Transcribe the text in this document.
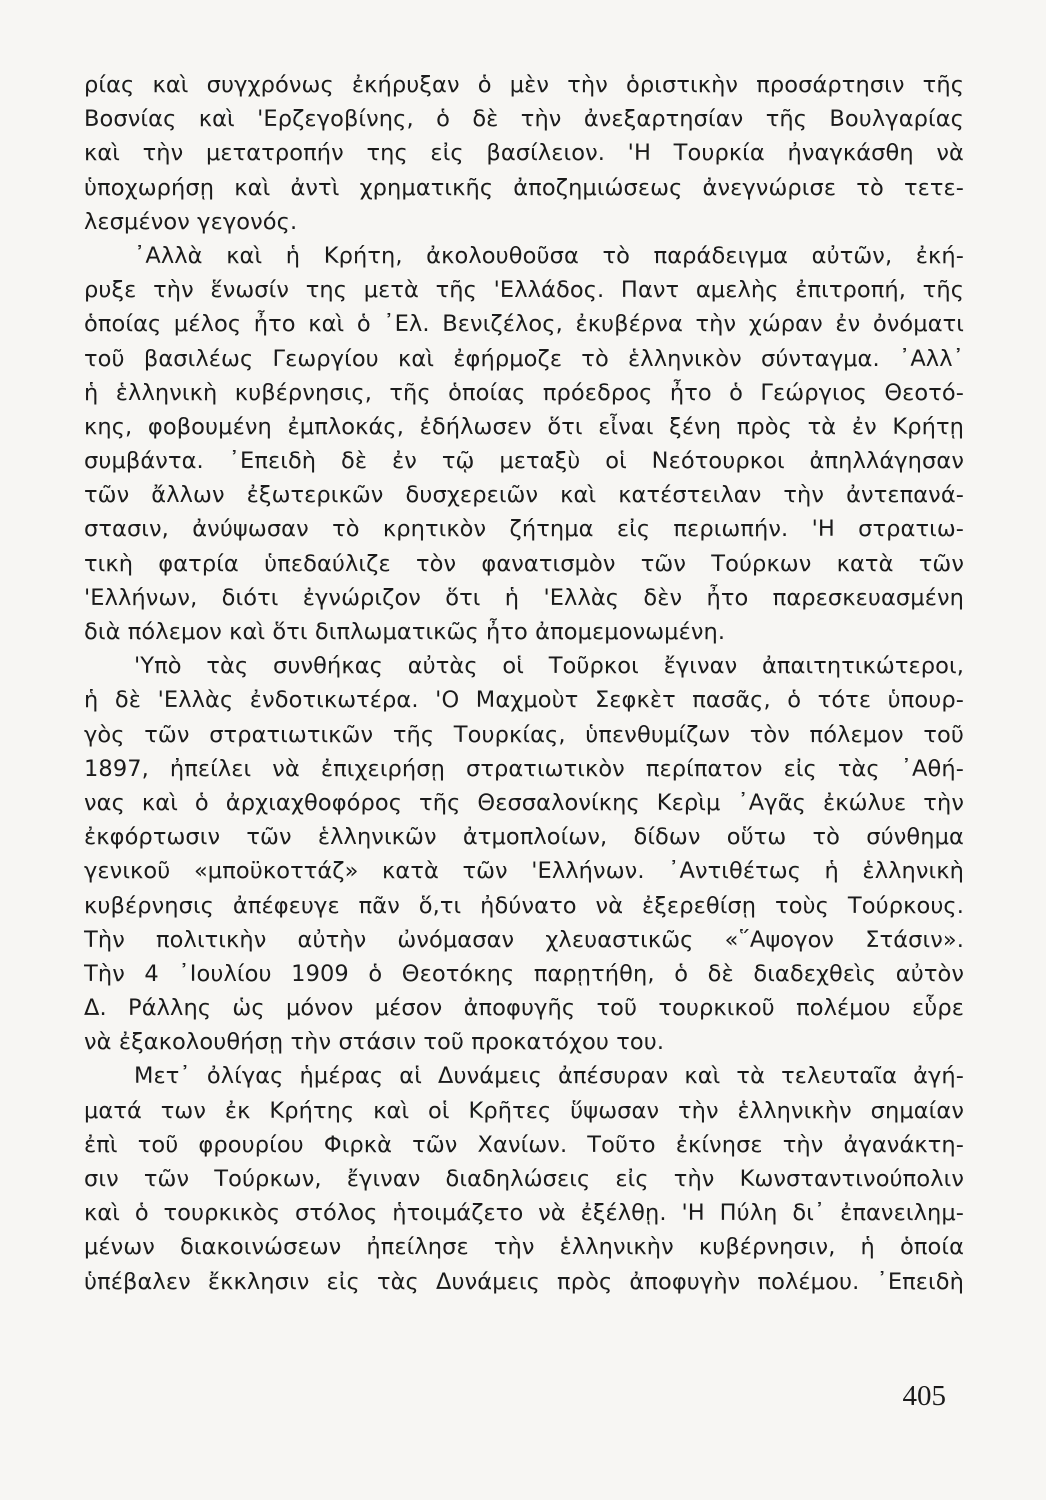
ρίας καὶ συγχρόνως ἐκήρυξαν ὁ μὲν τὴν ὁριστικὴν προσάρτησιν τῆς
Βοσνίας καὶ 'Ερζεγοβίνης, ὁ δὲ τὴν ἀνεξαρτησίαν τῆς Βουλγαρίας
καὶ τὴν μετατροπήν της εἰς βασίλειον. 'Η Τουρκία ἠναγκάσθη νὰ
ὑποχωρήσῃ καὶ ἀντὶ χρηματικῆς ἀποζημιώσεως ἀνεγνώρισε τὸ τετε-
λεσμένον γεγονός.
᾿Αλλὰ καὶ ἡ Κρήτη, ἀκολουθοῦσα τὸ παράδειγμα αὐτῶν, ἐκή-
ρυξε τὴν ἕνωσίν της μετὰ τῆς 'Ελλάδος. Παντ αμελὴς ἐπιτροπή, τῆς
ὁποίας μέλος ἦτο καὶ ὁ ᾿Ελ. Βενιζέλος, ἐκυβέρνα τὴν χώραν ἐν ὀνόματι
τοῦ βασιλέως Γεωργίου καὶ ἐφήρμοζε τὸ ἑλληνικὸν σύνταγμα. ᾿Αλλ᾿
ἡ ἑλληνικὴ κυβέρνησις, τῆς ὁποίας πρόεδρος ἦτο ὁ Γεώργιος Θεοτό-
κης, φοβουμένη ἐμπλοκάς, ἐδήλωσεν ὅτι εἶναι ξένη πρὸς τὰ ἐν Κρήτῃ
συμβάντα. ᾿Επειδὴ δὲ ἐν τῷ μεταξὺ οἱ Νεότουρκοι ἀπηλλάγησαν
τῶν ἄλλων ἐξωτερικῶν δυσχερειῶν καὶ κατέστειλαν τὴν ἀντεπανά-
στασιν, ἀνύψωσαν τὸ κρητικὸν ζήτημα εἰς περιωπήν. 'Η στρατιω-
τικὴ φατρία ὑπεδαύλιζε τὸν φανατισμὸν τῶν Τούρκων κατὰ τῶν
'Ελλήνων, διότι ἐγνώριζον ὅτι ἡ 'Ελλὰς δὲν ἦτο παρεσκευασμένη
διὰ πόλεμον καὶ ὅτι διπλωματικῶς ἦτο ἀπομεμονωμένη.
'Υπὸ τὰς συνθήκας αὐτὰς οἱ Τοῦρκοι ἔγιναν ἀπαιτητικώτεροι,
ἡ δὲ 'Ελλὰς ἐνδοτικωτέρα. 'Ο Μαχμοὺτ Σεφκὲτ πασᾶς, ὁ τότε ὑπουρ-
γὸς τῶν στρατιωτικῶν τῆς Τουρκίας, ὑπενθυμίζων τὸν πόλεμον τοῦ
1897, ἠπείλει νὰ ἐπιχειρήσῃ στρατιωτικὸν περίπατον εἰς τὰς ᾿Αθή-
νας καὶ ὁ ἀρχιαχθοφόρος τῆς Θεσσαλονίκης Κερὶμ ᾿Αγᾶς ἐκώλυε τὴν
ἐκφόρτωσιν τῶν ἑλληνικῶν ἀτμοπλοίων, δίδων οὕτω τὸ σύνθημα
γενικοῦ «μποϋκοττάζ» κατὰ τῶν 'Ελλήνων. ᾿Αντιθέτως ἡ ἑλληνικὴ
κυβέρνησις ἀπέφευγε πᾶν ὅ,τι ἠδύνατο νὰ ἐξερεθίσῃ τοὺς Τούρκους.
Τὴν πολιτικὴν αὐτὴν ὠνόμασαν χλευαστικῶς «῞Αψογον Στάσιν».
Τὴν 4 ᾿Ιουλίου 1909 ὁ Θεοτόκης παρῃτήθη, ὁ δὲ διαδεχθεὶς αὐτὸν
Δ. Ράλλης ὡς μόνον μέσον ἀποφυγῆς τοῦ τουρκικοῦ πολέμου εὗρε
νὰ ἐξακολουθήσῃ τὴν στάσιν τοῦ προκατόχου του.
Μετ᾿ ὀλίγας ἡμέρας αἱ Δυνάμεις ἀπέσυραν καὶ τὰ τελευταῖα ἀγή-
ματά των ἐκ Κρήτης καὶ οἱ Κρῆτες ὕψωσαν τὴν ἑλληνικὴν σημαίαν
ἐπὶ τοῦ φρουρίου Φιρκὰ τῶν Χανίων. Τοῦτο ἐκίνησε τὴν ἀγανάκτη-
σιν τῶν Τούρκων, ἔγιναν διαδηλώσεις εἰς τὴν Κωνσταντινούπολιν
καὶ ὁ τουρκικὸς στόλος ἡτοιμάζετο νὰ ἐξέλθῃ. 'Η Πύλη δι᾿ ἐπανειλημ-
μένων διακοινώσεων ἠπείλησε τὴν ἑλληνικὴν κυβέρνησιν, ἡ ὁποία
ὑπέβαλεν ἔκκλησιν εἰς τὰς Δυνάμεις πρὸς ἀποφυγὴν πολέμου. ᾿Επειδὴ
405
